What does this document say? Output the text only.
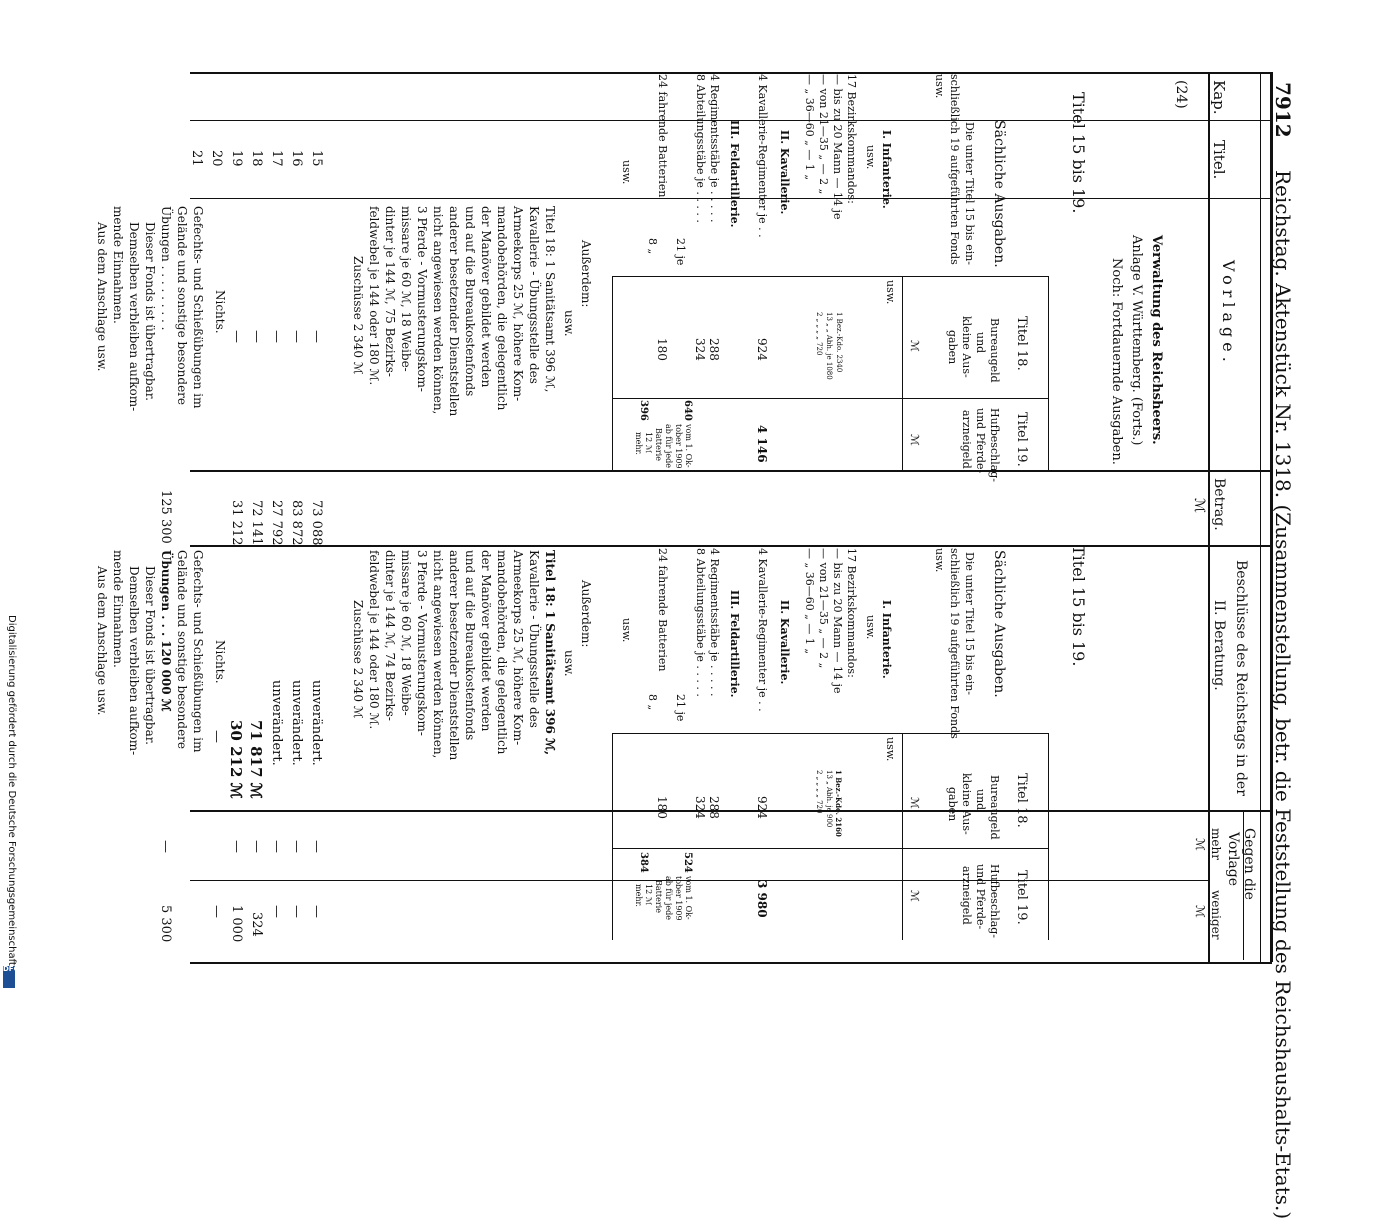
7912
Reichstag. Aktenstück Nr. 1318. (Zusammenstellung, betr. die Feststellung des Reichshaushalts-Etats.)
Kap.
Titel.
Vorlage.
Betrag.
ℳ
Beschlüsse des Reichstags in der
II. Beratung.
Gegen die
Vorlage
mehr
ℳ
weniger
ℳ
(24)
Titel 15 bis 19.
Verwaltung des Reichsheers.
Anlage V. Württemberg. (Forts.)
Noch: Fortdauernde Ausgaben.
Sächliche Ausgaben.
Die unter Titel 15 bis ein-
schließlich 19 aufgeführten Fonds
usw.
I. Infanterie.
usw.
17 Bezirkskommandos:
— bis zu 20 Mann — 14 je
— von 21—35 „ — 2 „
— „ 36—60 „ — 1 „
II. Kavallerie.
4 Kavallerie-Regimenter je . .
III. Feldartillerie.
4 Regimentsstäbe je . . . . .
8 Abteilungsstäbe je . . . . .
24 fahrende Batterien
21 je
8 „
usw.
Titel 18.
Titel 19.
Bureaugeld
und
kleine Aus-
gaben
Hufbeschlag-
und Pferde-
arzneigeld
ℳ
ℳ
usw.
1 Bez.-Kdo. 2340
13 „ „ Abh. je 1080
2 „ „ „ „ 720
924
4 146
288
324
180
640
396
vom 1. Ok-
tober 1909
ab für jede
Batterie
12 ℳ
mehr.
Außerdem:
usw.
Titel 18: 1 Sanitätsamt 396 ℳ,
Kavallerie - Übungsstelle des
Armeekorps 25 ℳ, höhere Kom-
mandobehörden, die gelegentlich
der Manöver gebildet werden
und auf die Bureaukostenfonds
anderer besetzender Dienststellen
nicht angewiesen werden können,
3 Pferde - Vormusterungskom-
missare je 60 ℳ, 18 Weibe-
dinter je 144 ℳ, 75 Bezirks-
feldwebel je 144 oder 180 ℳ.
Zuschüsse 2 340 ℳ
Nichts.
Gefechts- und Schießübungen im
Gelände und sonstige besondere
Übungen . . . . . . . . .
Dieser Fonds ist übertragbar.
Demselben verbleiben aufkom-
mende Einnahmen.
Aus dem Anschlage usw.
15
16
17
18
19
20
21
—
—
—
—
—
73 088
83 872
27 792
72 141
31 212
125 300
Titel 15 bis 19.
Sächliche Ausgaben.
Die unter Titel 15 bis ein-
schließlich 19 aufgeführten Fonds
usw.
I. Infanterie.
usw.
17 Bezirkskommandos:
— bis zu 20 Mann — 14 je
— von 21—35 „ — 2 „
— „ 36—60 „ — 1 „
II. Kavallerie.
4 Kavallerie-Regimenter je . .
III. Feldartillerie.
4 Regimentsstäbe je . . . . .
8 Abteilungsstäbe je . . . . .
24 fahrende Batterien
21 je
8 „
usw.
Titel 18.
Titel 19.
Bureaugeld
und
kleine Aus-
gaben
Hufbeschlag-
und Pferde-
arzneigeld
ℳ
ℳ
usw.
1 Bez.-Kdo. 2160
13 „ Abh. je 900
2 „ „ „ „ 720
924
3 980
288
324
180
524
384
vom 1. Ok-
tober 1909
ab für jede
Batterie
12 ℳ
mehr.
Außerdem:
usw.
Titel 18: 1 Sanitätsamt 396 ℳ,
Kavallerie - Übungsstelle des
Armeekorps 25 ℳ, höhere Kom-
mandobehörden, die gelegentlich
der Manöver gebildet werden
und auf die Bureaukostenfonds
anderer besetzender Dienststellen
nicht angewiesen werden können,
3 Pferde - Vormusterungskom-
missare je 60 ℳ, 18 Weibe-
dinter je 144 ℳ, 74 Bezirks-
feldwebel je 144 oder 180 ℳ.
Zuschüsse 2 340 ℳ
unverändert.
unverändert.
unverändert.
71 817 ℳ
30 212 ℳ
—
Nichts.
Gefechts- und Schießübungen im
Gelände und sonstige besondere
Übungen . . . 120 000 ℳ
Dieser Fonds ist übertragbar.
Demselben verbleiben aufkom-
mende Einnahmen.
Aus dem Anschlage usw.
—
—
—
—
—
—
—
—
—
324
1 000
—
5 300
Digitalisierung gefördert durch die Deutsche Forschungsgemeinschaft
DFG
